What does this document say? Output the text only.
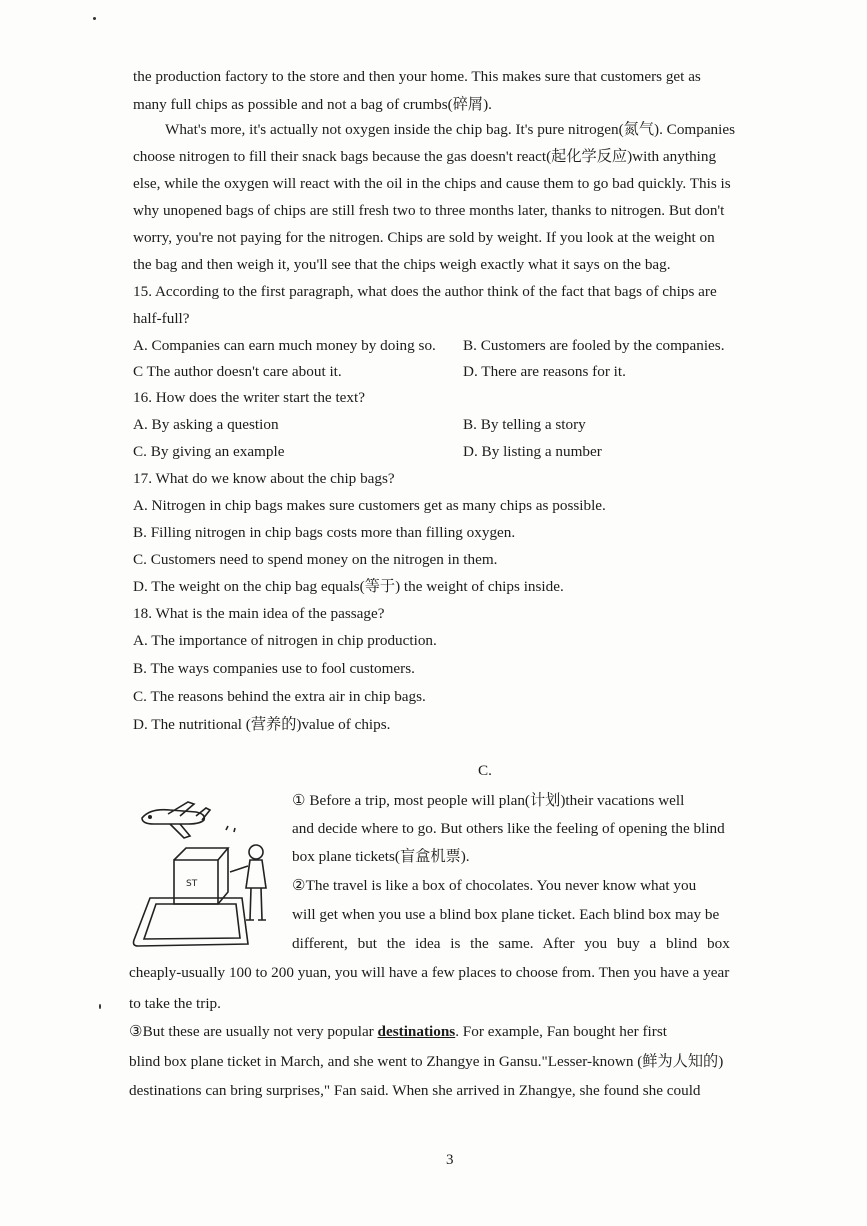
the production factory to the store and then your home. This makes sure that customers get as
many full chips as possible and not a bag of crumbs(碎屑).
What's more, it's actually not oxygen inside the chip bag. It's pure nitrogen(氮气). Companies
choose nitrogen to fill their snack bags because the gas doesn't react(起化学反应)with anything
else, while the oxygen will react with the oil in the chips and cause them to go bad quickly. This is
why unopened bags of chips are still fresh two to three months later, thanks to nitrogen. But don't
worry, you're not paying for the nitrogen. Chips are sold by weight. If you look at the weight on
the bag and then weigh it, you'll see that the chips weigh exactly what it says on the bag.
15. According to the first paragraph, what does the author think of the fact that bags of chips are
half-full?
A. Companies can earn much money by doing so. B. Customers are fooled by the companies.
C The author doesn't care about it.	D. There are reasons for it.
16. How does the writer start the text?
A. By asking a question	B. By telling a story
C. By giving an example	D. By listing a number
17. What do we know about the chip bags?
A. Nitrogen in chip bags makes sure customers get as many chips as possible.
B. Filling nitrogen in chip bags costs more than filling oxygen.
C. Customers need to spend money on the nitrogen in them.
D. The weight on the chip bag equals(等于) the weight of chips inside.
18. What is the main idea of the passage?
A. The importance of nitrogen in chip production.
B. The ways companies use to fool customers.
C. The reasons behind the extra air in chip bags.
D. The nutritional (营养的)value of chips.
C.
ST
① Before a trip, most people will plan(计划)their vacations well
and decide where to go. But others like the feeling of opening the blind
box plane tickets(盲盒机票).
②The travel is like a box of chocolates. You never know what you
will get when you use a blind box plane ticket. Each blind box may be
different, but the idea is the same. After you buy a blind box
cheaply-usually 100 to 200 yuan, you will have a few places to choose from. Then you have a year
to take the trip.
③But these are usually not very popular destinations. For example, Fan bought her first
blind box plane ticket in March, and she went to Zhangye in Gansu."Lesser-known (鲜为人知的)
destinations can bring surprises," Fan said. When she arrived in Zhangye, she found she could
3
